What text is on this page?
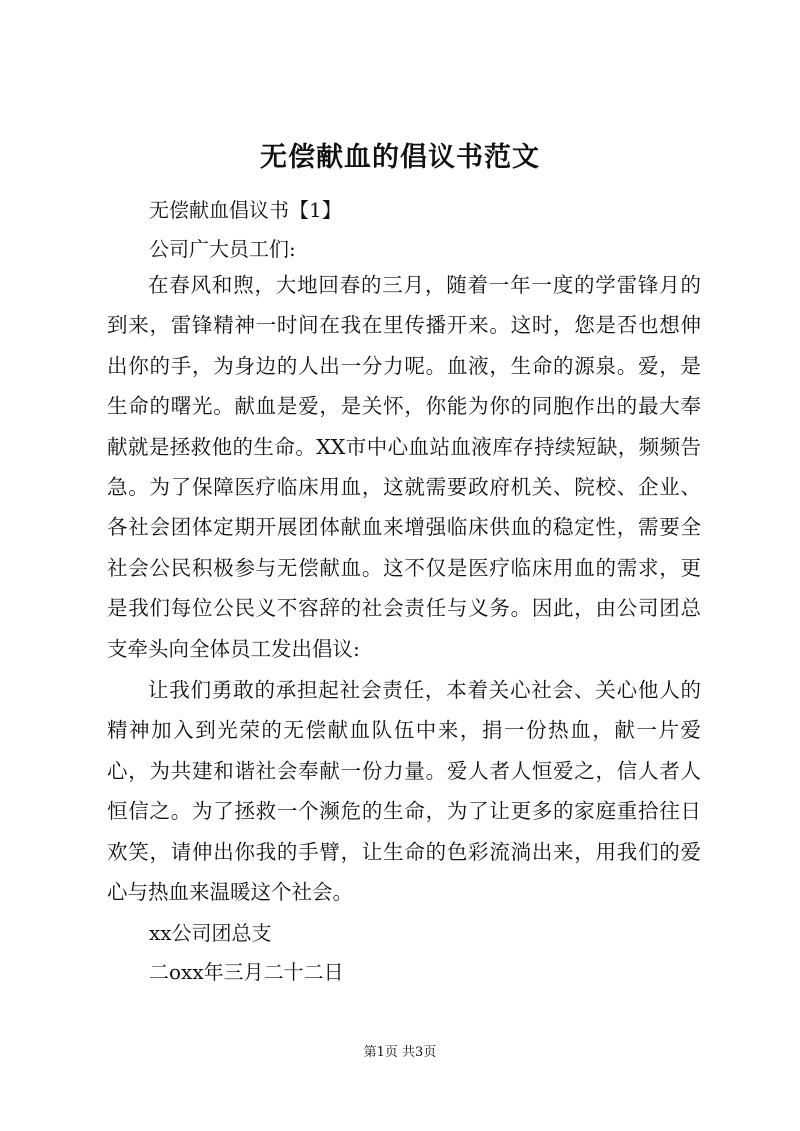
无偿献血的倡议书范文
无偿献血倡议书【1】
公司广大员工们:

在春风和煦，大地回春的三月，随着一年一度的学雷锋月的到来，雷锋精神一时间在我在里传播开来。这时，您是否也想伸出你的手，为身边的人出一分力呢。血液，生命的源泉。爱，是生命的曙光。献血是爱，是关怀，你能为你的同胞作出的最大奉献就是拯救他的生命。XX市中心血站血液库存持续短缺，频频告急。为了保障医疗临床用血，这就需要政府机关、院校、企业、各社会团体定期开展团体献血来增强临床供血的稳定性，需要全社会公民积极参与无偿献血。这不仅是医疗临床用血的需求，更是我们每位公民义不容辞的社会责任与义务。因此，由公司团总支牵头向全体员工发出倡议:

让我们勇敢的承担起社会责任，本着关心社会、关心他人的精神加入到光荣的无偿献血队伍中来，捐一份热血，献一片爱心，为共建和谐社会奉献一份力量。爱人者人恒爱之，信人者人恒信之。为了拯救一个濒危的生命，为了让更多的家庭重拾往日欢笑，请伸出你我的手臂，让生命的色彩流淌出来，用我们的爱心与热血来温暖这个社会。

xx公司团总支
二oxx年三月二十二日
第1页 共3页
